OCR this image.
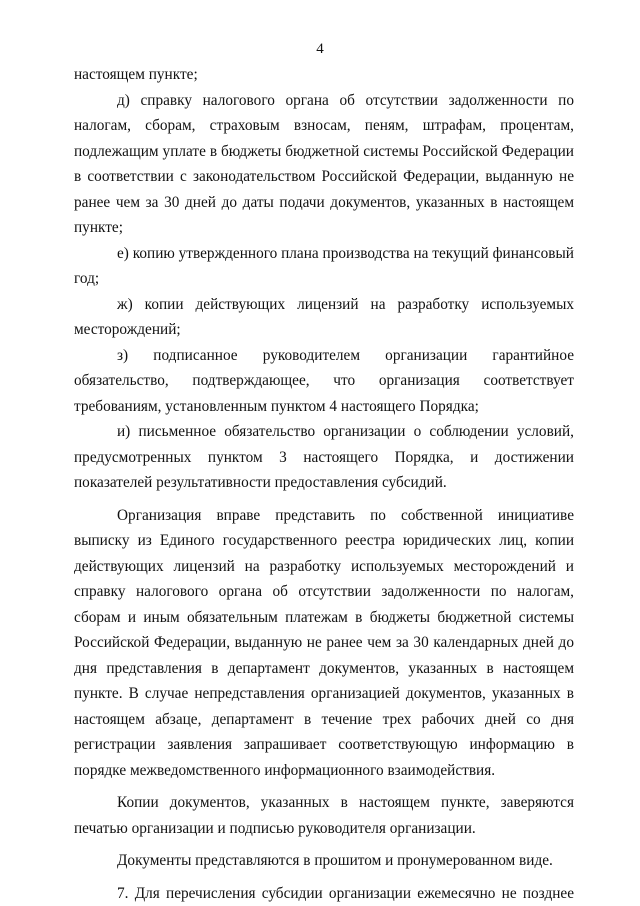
4

настоящем пункте;

д) справку налогового органа об отсутствии задолженности по налогам, сборам, страховым взносам, пеням, штрафам, процентам, подлежащим уплате в бюджеты бюджетной системы Российской Федерации в соответствии с законодательством Российской Федерации, выданную не ранее чем за 30 дней до даты подачи документов, указанных в настоящем пункте;

е) копию утвержденного плана производства на текущий финансовый год;

ж) копии действующих лицензий на разработку используемых месторождений;

з) подписанное руководителем организации гарантийное обязательство, подтверждающее, что организация соответствует требованиям, установленным пунктом 4 настоящего Порядка;

и) письменное обязательство организации о соблюдении условий, предусмотренных пунктом 3 настоящего Порядка, и достижении показателей результативности предоставления субсидий.

Организация вправе представить по собственной инициативе выписку из Единого государственного реестра юридических лиц, копии действующих лицензий на разработку используемых месторождений и справку налогового органа об отсутствии задолженности по налогам, сборам и иным обязательным платежам в бюджеты бюджетной системы Российской Федерации, выданную не ранее чем за 30 календарных дней до дня представления в департамент документов, указанных в настоящем пункте. В случае непредставления организацией документов, указанных в настоящем абзаце, департамент в течение трех рабочих дней со дня регистрации заявления запрашивает соответствующую информацию в порядке межведомственного информационного взаимодействия.

Копии документов, указанных в настоящем пункте, заверяются печатью организации и подписью руководителя организации.

Документы представляются в прошитом и пронумерованном виде.

7. Для перечисления субсидии организации ежемесячно не позднее
